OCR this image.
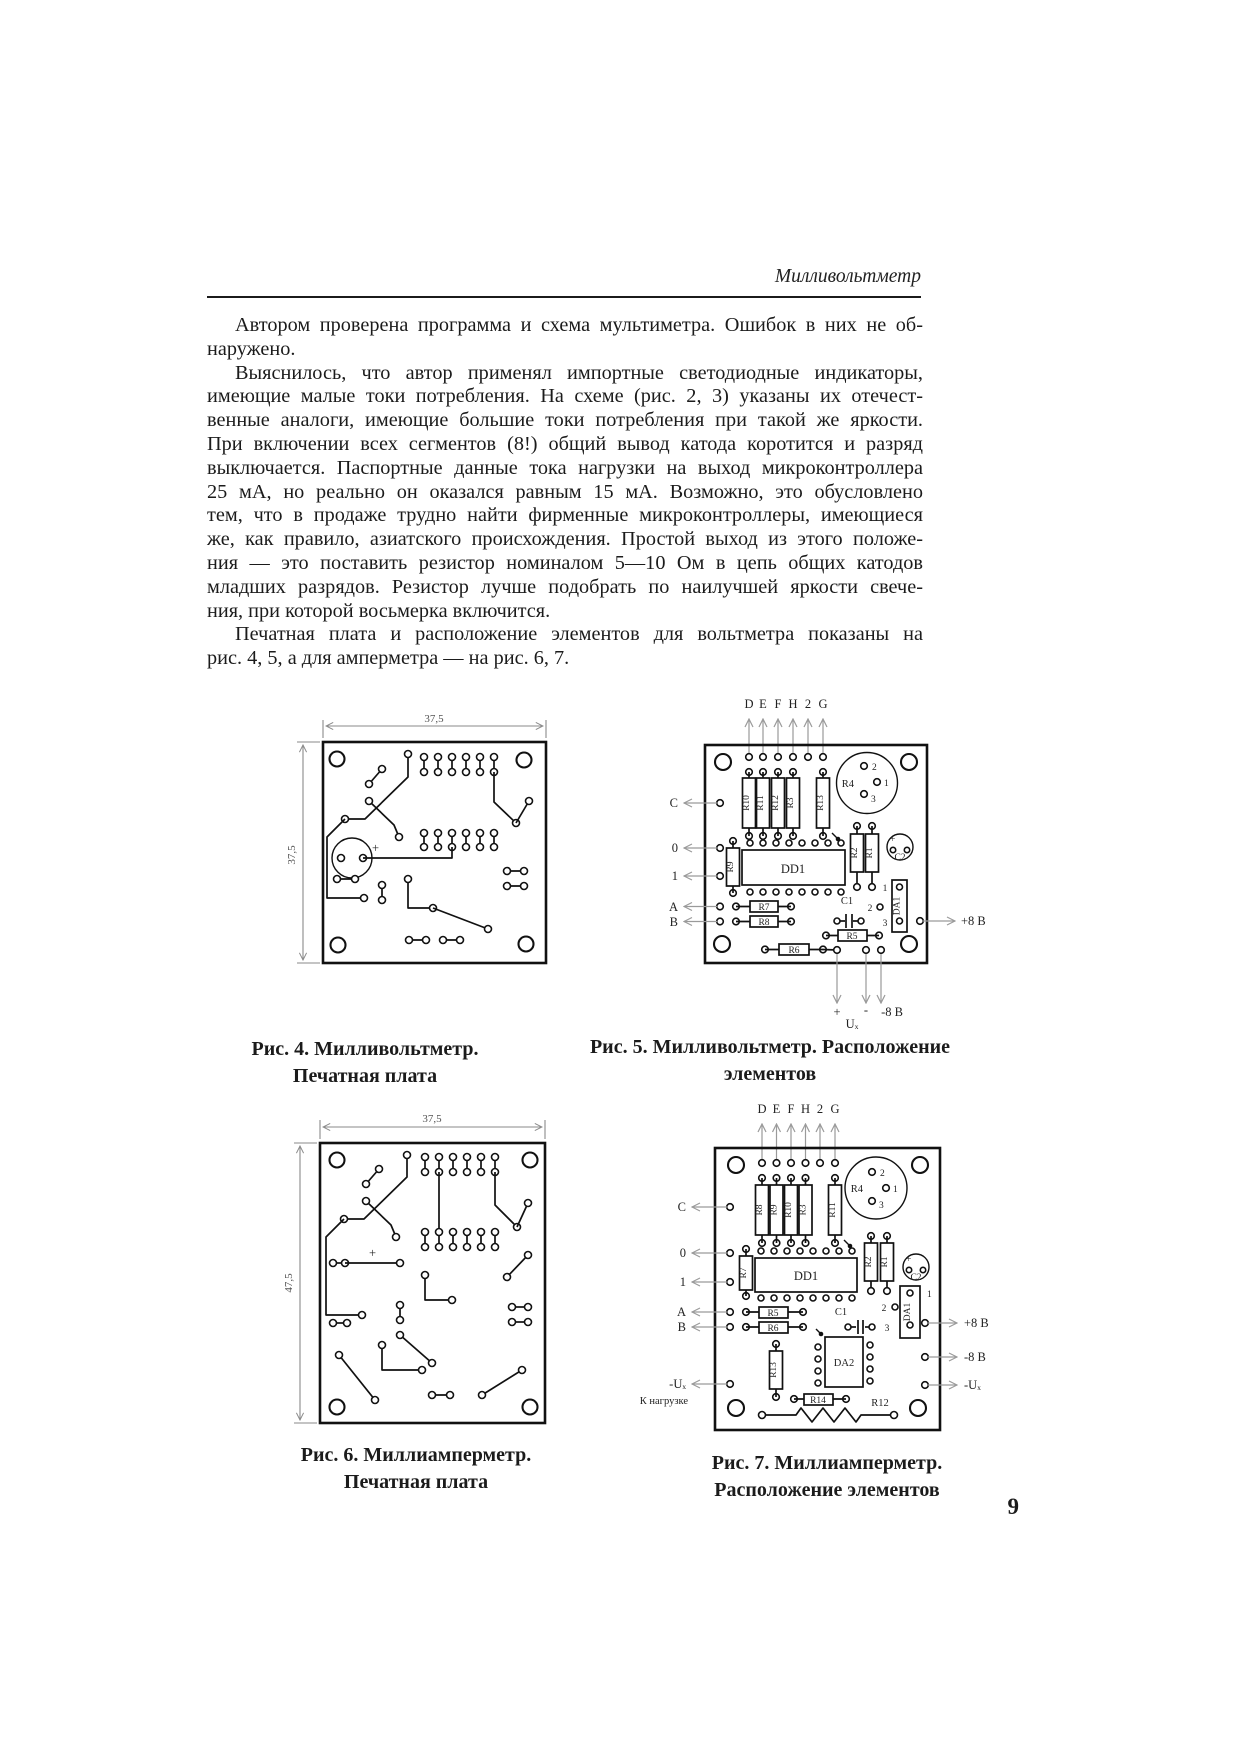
Милливольтметр
Автором проверена программа и схема мультиметра. Ошибок в них не об-
наружено.
Выяснилось, что автор применял импортные светодиодные индикаторы,
имеющие малые токи потребления. На схеме (рис. 2, 3) указаны их отечест-
венные аналоги, имеющие большие токи потребления при такой же яркости.
При включении всех сегментов (8!) общий вывод катода коротится и разряд
выключается. Паспортные данные тока нагрузки на выход микроконтроллера
25 мА, но реально он оказался равным 15 мА. Возможно, это обусловлено
тем, что в продаже трудно найти фирменные микроконтроллеры, имеющиеся
же, как правило, азиатского происхождения. Простой выход из этого положе-
ния — это поставить резистор номиналом 5—10 Ом в цепь общих катодов
младших разрядов. Резистор лучше подобрать по наилучшей яркости свече-
ния, при которой восьмерка включится.
Печатная плата и расположение элементов для вольтметра показаны на
рис. 4, 5, а для амперметра — на рис. 6, 7.
37,5
37,5	+
D E F H 2 G
R10 R11 R12 R3 R13
R4
2
1
3
C
0
1
A
B
R9	DD1
R2 R1
+
C2
DA1
1
2
3
C1
R7
R8
R5
R6
+8 В
+ - -8 В
Uₓ
Рис. 4. Милливольтметр.
Печатная плата
Рис. 5. Милливольтметр. Расположение
элементов
37,5
47,5
+
D E F H 2 G
R8 R9 R10 R3 R11
R4
2
1
3
C
0
1
A
B
-Uₓ
К нагрузке
R7	DD1
R2 R1 +
C2
DA1
1
2
3
C1
R5
R6
R13	DA2
R14	R12
+8 В
-8 В
-Uₓ
Рис. 6. Миллиамперметр.
Печатная плата
Рис. 7. Миллиамперметр.
Расположение элементов
9
